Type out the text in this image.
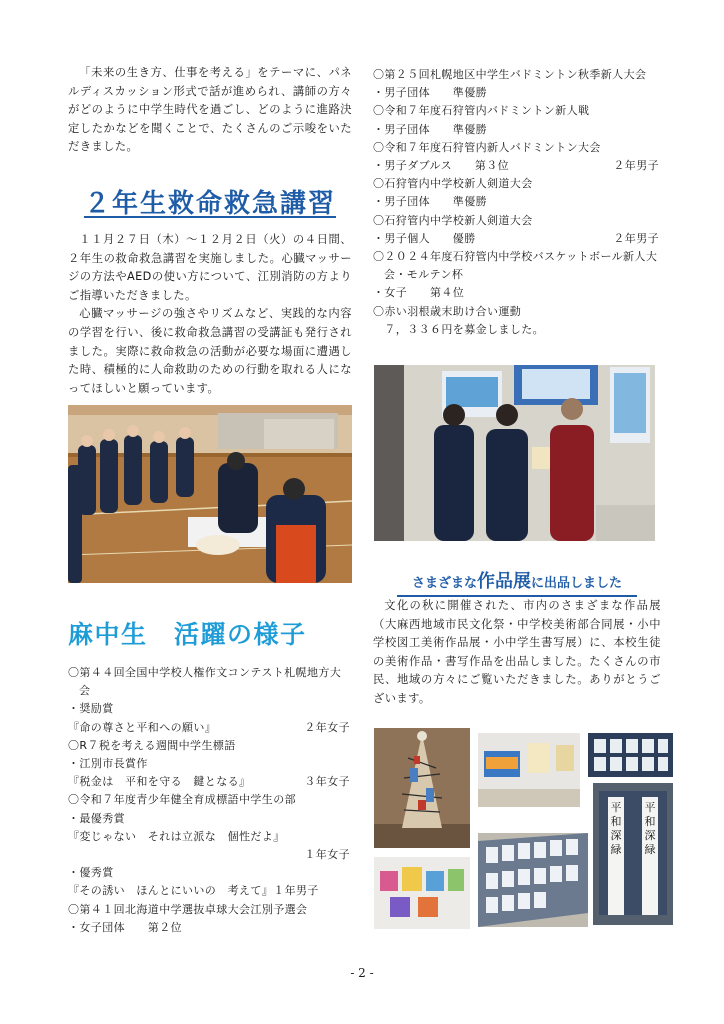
「未来の生き方、仕事を考える」をテーマに、パネルディスカッション形式で話が進められ、講師の方々がどのように中学生時代を過ごし、どのように進路決定したかなどを聞くことで、たくさんのご示唆をいただきました。

２年生救命救急講習

１１月２７日（木）～１２月２日（火）の４日間、２年生の救命救急講習を実施しました。心臓マッサージの方法やAEDの使い方について、江別消防の方よりご指導いただきました。

心臓マッサージの強さやリズムなど、実践的な内容の学習を行い、後に救命救急講習の受講証も発行されました。実際に救命救急の活動が必要な場面に遭遇した時、積極的に人命救助のための行動を取れる人になってほしいと願っています。

麻中生　活躍の様子
〇第４４回全国中学校人権作文コンテスト札幌地方大会
・奨励賞
『命の尊さと平和への願い』	２年女子
〇R７税を考える週間中学生標語
・江別市長賞作
『税金は　平和を守る　鍵となる』	３年女子
〇令和７年度青少年健全育成標語中学生の部
・最優秀賞
『変じゃない　それは立派な　個性だよ』
１年女子
・優秀賞
『その誘い　ほんとにいいの　考えて』１年男子
〇第４１回北海道中学選抜卓球大会江別予選会
・女子団体　　第２位
〇第２５回札幌地区中学生バドミントン秋季新人大会
・男子団体　　準優勝
〇令和７年度石狩管内バドミントン新人戦
・男子団体　　準優勝
〇令和７年度石狩管内新人バドミントン大会
・男子ダブルス　　第３位	２年男子
〇石狩管内中学校新人剣道大会
・男子団体　　準優勝
〇石狩管内中学校新人剣道大会
・男子個人　　優勝	２年男子
〇２０２４年度石狩管内中学校バスケットボール新人大会・モルテン杯
・女子　　第４位
〇赤い羽根歳末助け合い運動
　７，３３６円を募金しました。
さまざまな作品展に出品しました

文化の秋に開催された、市内のさまざまな作品展（大麻西地域市民文化祭・中学校美術部合同展・小中学校図工美術作品展・小中学生書写展）に、本校生徒の美術作品・書写作品を出品しました。たくさんの市民、地域の方々にご覧いただきました。ありがとうございます。

平和
深緑
平和
深緑
- 2 -
